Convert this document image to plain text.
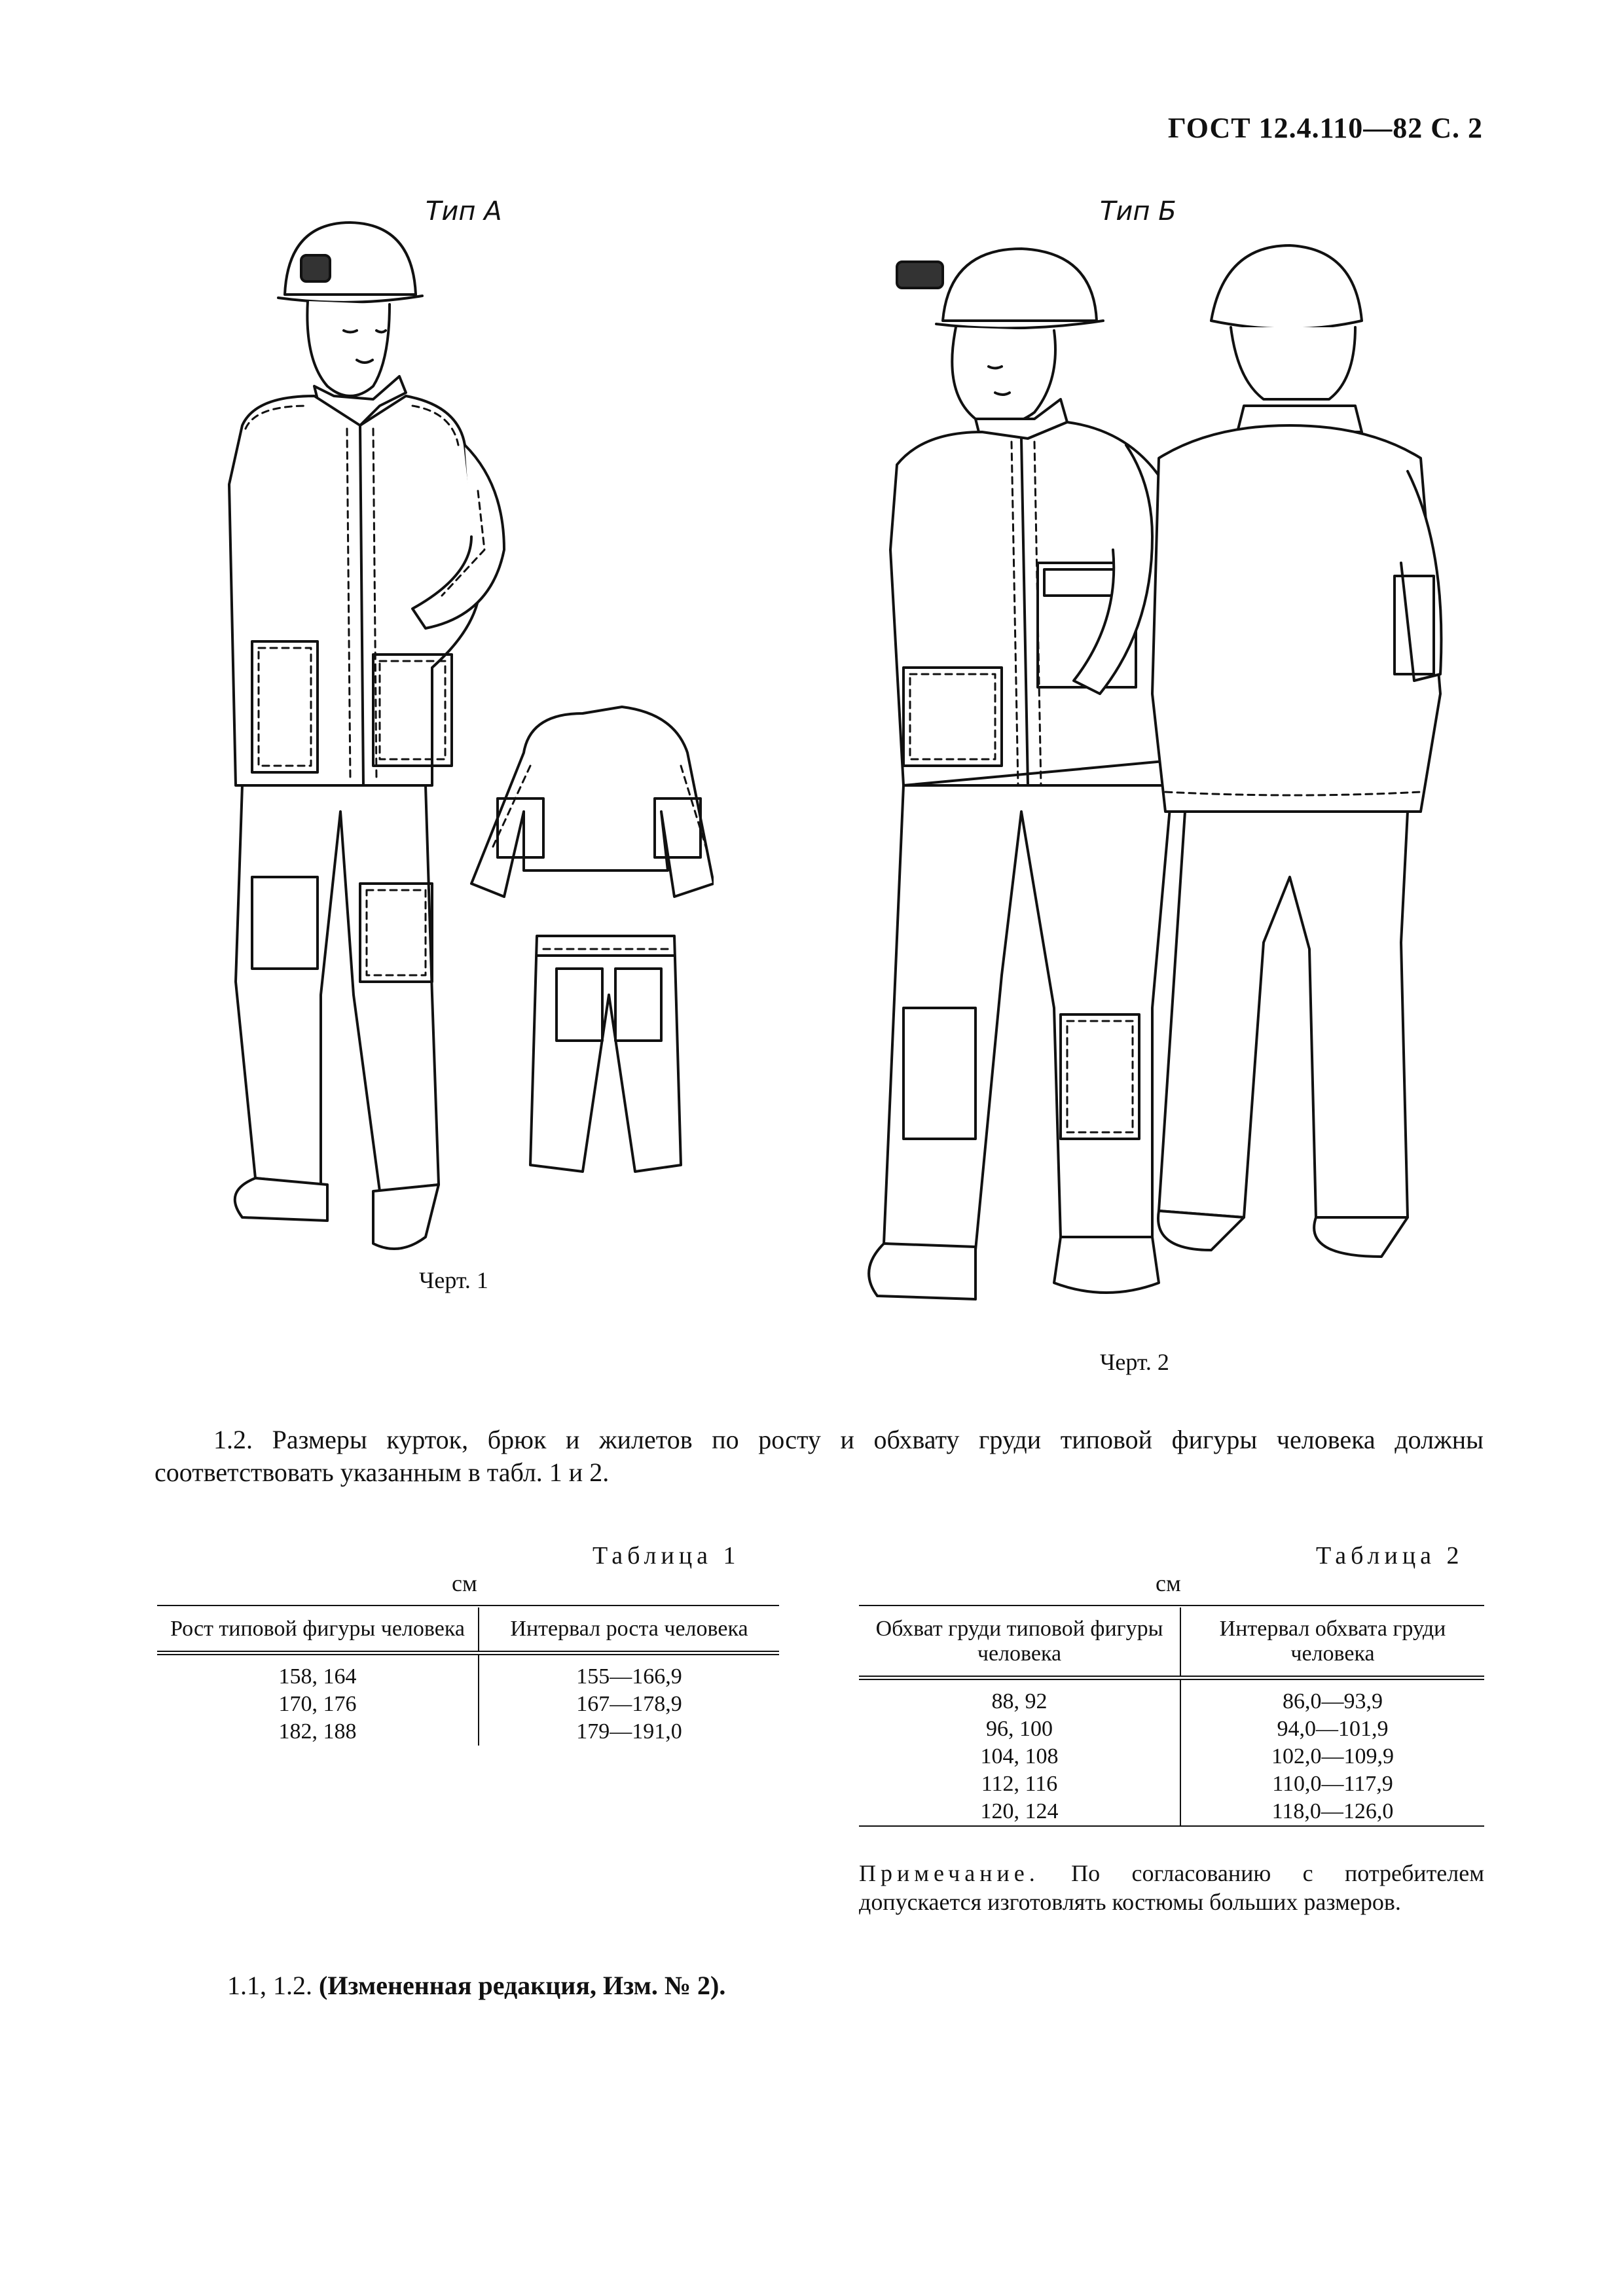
ГОСТ 12.4.110—82 С. 2
Тип А
Черт. 1
Тип Б
Черт. 2
1.2. Размеры курток, брюк и жилетов по росту и обхвату груди типовой фигуры человека должны соответствовать указанным в табл. 1 и 2.
Таблица 1
см
Рост типовой фигуры человека	Интервал роста человека
158, 164	155—166,9
170, 176	167—178,9
182, 188	179—191,0
Таблица 2
см
Обхват груди типовой фигуры человека	Интервал обхвата груди человека
88, 92	86,0—93,9
96, 100	94,0—101,9
104, 108	102,0—109,9
112, 116	110,0—117,9
120, 124	118,0—126,0
Примечание. По согласованию с потребителем допускается изготовлять костюмы больших размеров.
1.1, 1.2. (Измененная редакция, Изм. № 2).
